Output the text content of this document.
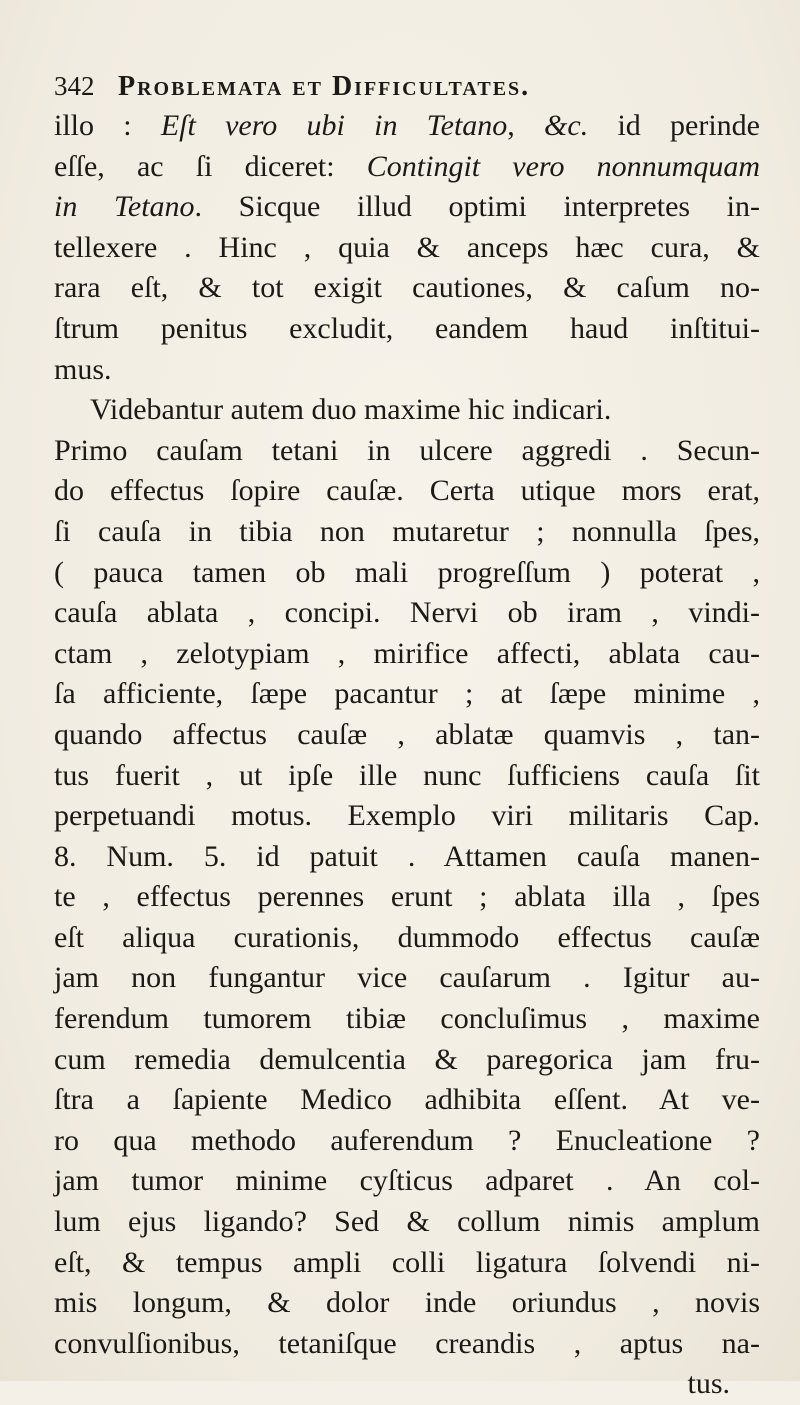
342 Problemata et Difficultates.
illo : Eſt vero ubi in Tetano, &c. id perinde
eſſe, ac ſi diceret: Contingit vero nonnumquam
in Tetano. Sicque illud optimi interpretes in-
tellexere . Hinc , quia & anceps hæc cura, &
rara eſt, & tot exigit cautiones, & caſum no-
ſtrum penitus excludit, eandem haud inſtitui-
mus.
Videbantur autem duo maxime hic indicari.
Primo cauſam tetani in ulcere aggredi . Secun-
do effectus ſopire cauſæ. Certa utique mors erat,
ſi cauſa in tibia non mutaretur ; nonnulla ſpes,
( pauca tamen ob mali progreſſum ) poterat ,
cauſa ablata , concipi. Nervi ob iram , vindi-
ctam , zelotypiam , mirifice affecti, ablata cau-
ſa afficiente, ſæpe pacantur ; at ſæpe minime ,
quando affectus cauſæ , ablatæ quamvis , tan-
tus fuerit , ut ipſe ille nunc ſufficiens cauſa ſit
perpetuandi motus. Exemplo viri militaris Cap.
8. Num. 5. id patuit . Attamen cauſa manen-
te , effectus perennes erunt ; ablata illa , ſpes
eſt aliqua curationis, dummodo effectus cauſæ
jam non fungantur vice cauſarum . Igitur au-
ferendum tumorem tibiæ concluſimus , maxime
cum remedia demulcentia & paregorica jam fru-
ſtra a ſapiente Medico adhibita eſſent. At ve-
ro qua methodo auferendum ? Enucleatione ?
jam tumor minime cyſticus adparet . An col-
lum ejus ligando? Sed & collum nimis amplum
eſt, & tempus ampli colli ligatura ſolvendi ni-
mis longum, & dolor inde oriundus , novis
convulſionibus, tetaniſque creandis , aptus na-
tus.
